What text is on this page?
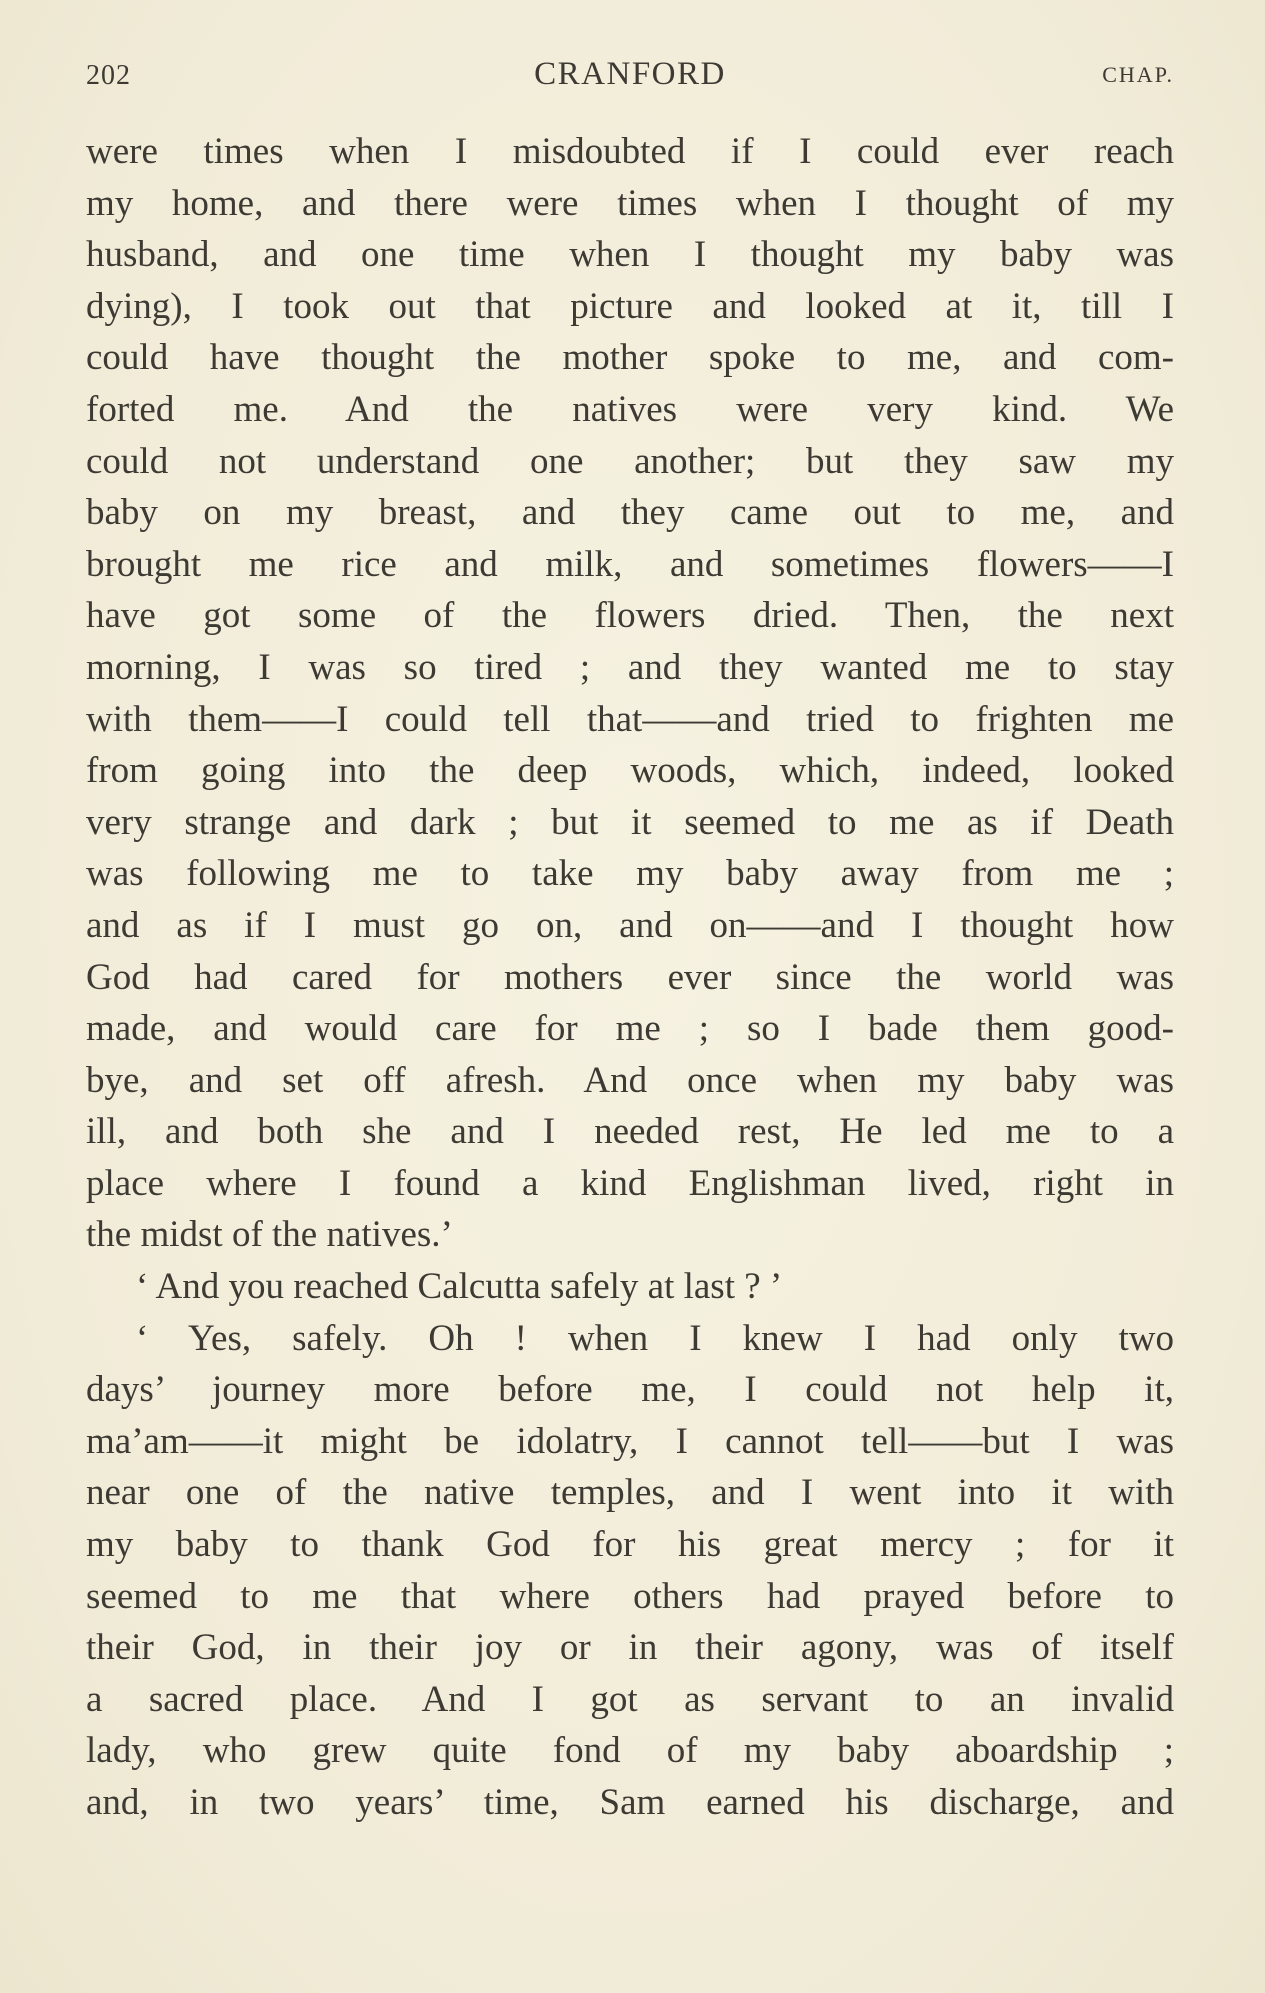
202	CRANFORD	CHAP.
were times when I misdoubted if I could ever reach
my home, and there were times when I thought of my
husband, and one time when I thought my baby was
dying), I took out that picture and looked at it, till I
could have thought the mother spoke to me, and com-
forted me. And the natives were very kind. We
could not understand one another; but they saw my
baby on my breast, and they came out to me, and
brought me rice and milk, and sometimes flowers——I
have got some of the flowers dried. Then, the next
morning, I was so tired ; and they wanted me to stay
with them——I could tell that——and tried to frighten me
from going into the deep woods, which, indeed, looked
very strange and dark ; but it seemed to me as if Death
was following me to take my baby away from me ;
and as if I must go on, and on——and I thought how
God had cared for mothers ever since the world was
made, and would care for me ; so I bade them good-
bye, and set off afresh. And once when my baby was
ill, and both she and I needed rest, He led me to a
place where I found a kind Englishman lived, right in
the midst of the natives.’
‘ And you reached Calcutta safely at last ? ’
‘ Yes, safely. Oh ! when I knew I had only two
days’ journey more before me, I could not help it,
ma’am——it might be idolatry, I cannot tell——but I was
near one of the native temples, and I went into it with
my baby to thank God for his great mercy ; for it
seemed to me that where others had prayed before to
their God, in their joy or in their agony, was of itself
a sacred place. And I got as servant to an invalid
lady, who grew quite fond of my baby aboardship ;
and, in two years’ time, Sam earned his discharge, and
